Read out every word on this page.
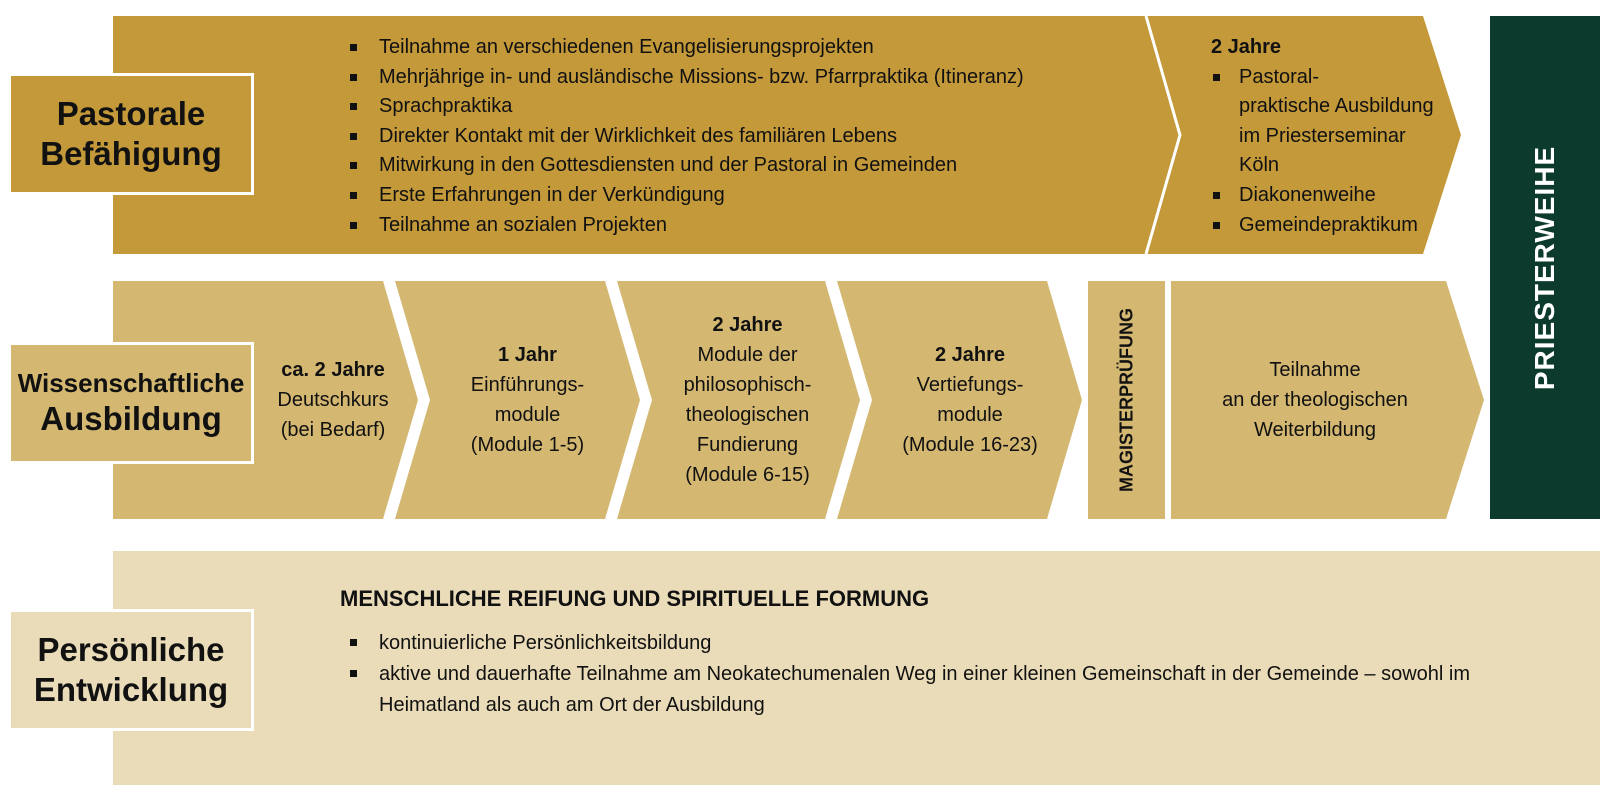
Pastorale
Befähigung
Teilnahme an verschiedenen Evangelisierungsprojekten
Mehrjährige in- und ausländische Missions- bzw. Pfarrpraktika (Itineranz)
Sprachpraktika
Direkter Kontakt mit der Wirklichkeit des familiären Lebens
Mitwirkung in den Gottesdiensten und der Pastoral in Gemeinden
Erste Erfahrungen in der Verkündigung
Teilnahme an sozialen Projekten
2 Jahre
Pastoral-
praktische Ausbildung
im Priesterseminar
Köln
Diakonenweihe
Gemeindepraktikum
Wissenschaftliche
Ausbildung
ca. 2 Jahre
Deutschkurs
(bei Bedarf)
1 Jahr
Einführungs-
module
(Module 1-5)
2 Jahre
Module der
philosophisch-
theologischen
Fundierung
(Module 6-15)
2 Jahre
Vertiefungs-
module
(Module 16-23)	MAGISTERPRÜFUNG	Teilnahme
an der theologischen
Weiterbildung
PRIESTERWEIHE
Persönliche
Entwicklung
MENSCHLICHE REIFUNG UND SPIRITUELLE FORMUNG
kontinuierliche Persönlichkeitsbildung
aktive und dauerhafte Teilnahme am Neokatechumenalen Weg in einer kleinen Gemeinschaft in der Gemeinde – sowohl im Heimatland als auch am Ort der Ausbildung
